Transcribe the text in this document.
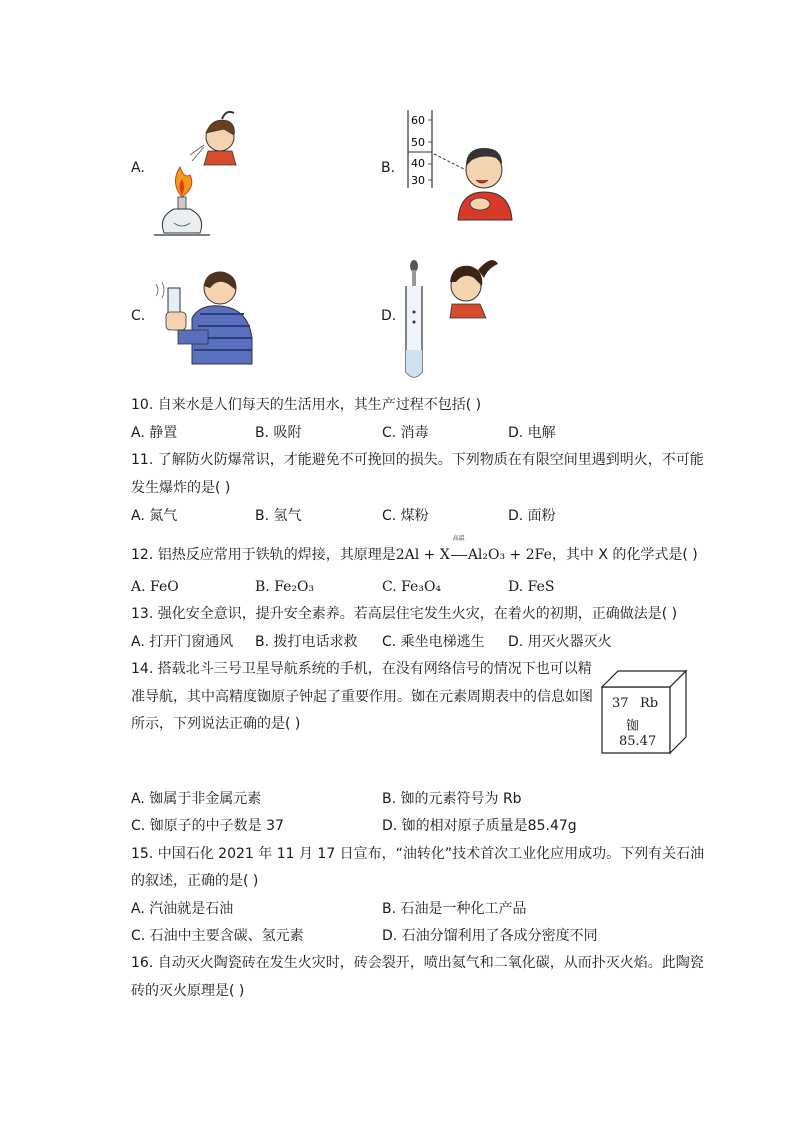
A.	B.
60
50
40
30
C.	D.
10. 自来水是人们每天的生活用水，其生产过程不包括( )
A. 静置	B. 吸附	C. 消毒	D. 电解
11. 了解防火防爆常识，才能避免不可挽回的损失。下列物质在有限空间里遇到明火，不可能
发生爆炸的是( )
A. 氮气	B. 氢气	C. 煤粉	D. 面粉
12. 铝热反应常用于铁轨的焊接，其原理是2Al + X
高温
Al₂O₃ + 2Fe，其中 X 的化学式是( )
A. FeO	B. Fe₂O₃	C. Fe₃O₄	D. FeS
13. 强化安全意识，提升安全素养。若高层住宅发生火灾，在着火的初期，正确做法是( )
A. 打开门窗通风 B. 拨打电话求救 C. 乘坐电梯逃生 D. 用灭火器灭火
14. 搭载北斗三号卫星导航系统的手机，在没有网络信号的情况下也可以精
准导航，其中高精度铷原子钟起了重要作用。铷在元素周期表中的信息如图
所示，下列说法正确的是( )
37 Rb
铷
85.47
A. 铷属于非金属元素	B. 铷的元素符号为 Rb
C. 铷原子的中子数是 37	D. 铷的相对原子质量是85.47g
15. 中国石化 2021 年 11 月 17 日宣布，“油转化”技术首次工业化应用成功。下列有关石油
的叙述，正确的是( )
A. 汽油就是石油	B. 石油是一种化工产品
C. 石油中主要含碳、氢元素	D. 石油分馏利用了各成分密度不同
16. 自动灭火陶瓷砖在发生火灾时，砖会裂开，喷出氦气和二氧化碳，从而扑灭火焰。此陶瓷
砖的灭火原理是( )
